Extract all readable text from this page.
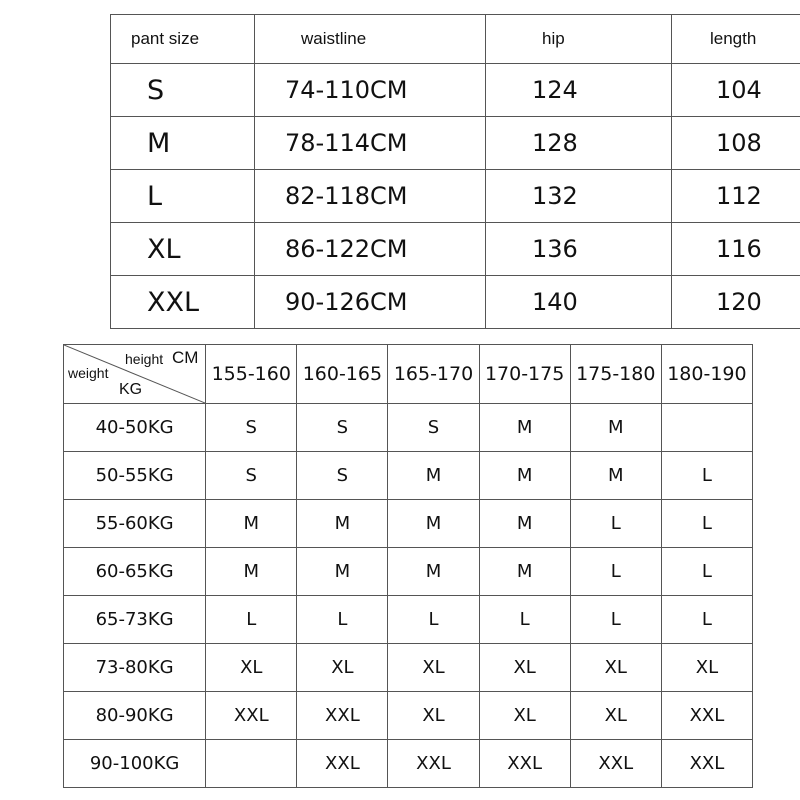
pant size	waistline	hip	length
S	74-110CM	124	104
M	78-114CM	128	108
L	82-118CM	132	112
XL	86-122CM	136	116
XXL	90-126CM	140	120
height CM
weight
KG	155-160	160-165	165-170	170-175	175-180	180-190
40-50KG	S	S	S	M	M	
50-55KG	S	S	M	M	M	L
55-60KG	M	M	M	M	L	L
60-65KG	M	M	M	M	L	L
65-73KG	L	L	L	L	L	L
73-80KG	XL	XL	XL	XL	XL	XL
80-90KG	XXL	XXL	XL	XL	XL	XXL
90-100KG		XXL	XXL	XXL	XXL	XXL
